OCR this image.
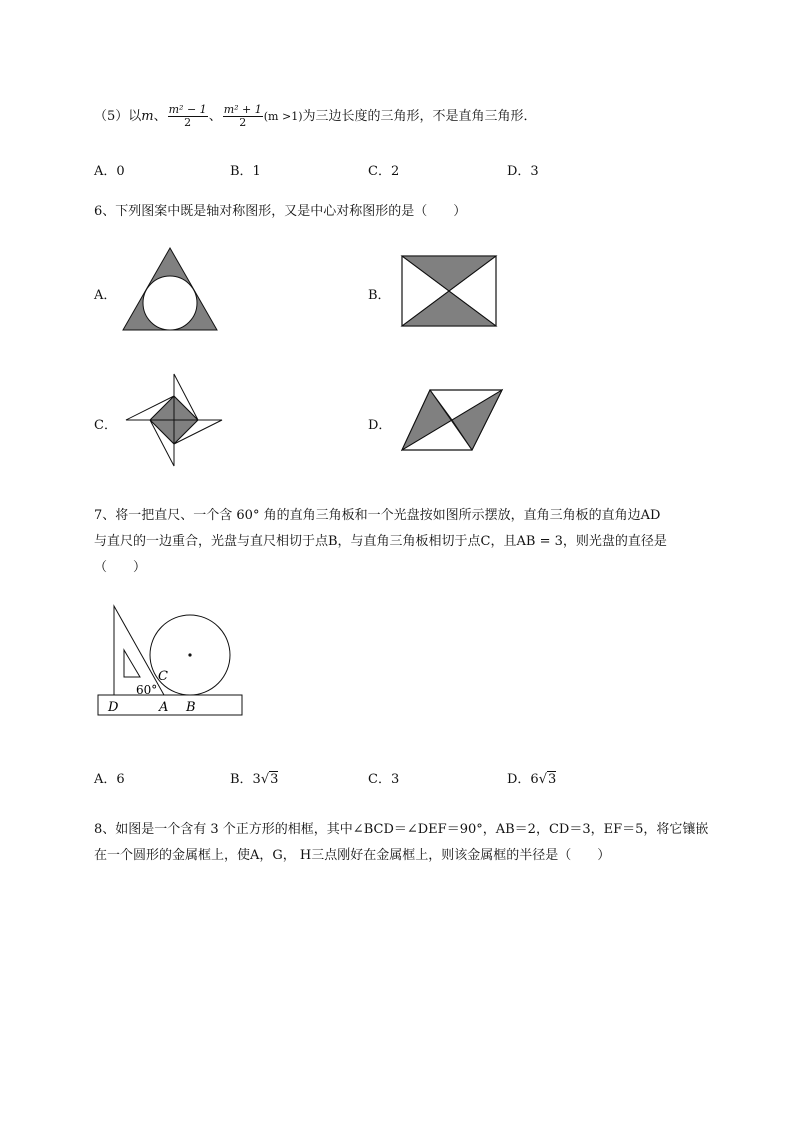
（5）以m、 $\frac{\text{m² − 1}}{2}$ 、 $\frac{\text{m² + 1}}{2} (m >1)$为三边长度的三角形，不是直角三角形．
A．0	B．1	C．2	D．3
6、下列图案中既是轴对称图形，又是中心对称图形的是（　　）
A．	B．
C．	D．
7、将一把直尺、一个含 60° 角的直角三角板和一个光盘按如图所示摆放，直角三角板的直角边AD
与直尺的一边重合，光盘与直尺相切于点B，与直角三角板相切于点C，且AB = 3，则光盘的直径是
（　　）
60°
C
D	A B
A．6	B．3√3	C．3	D．6√3
8、如图是一个含有 3 个正方形的相框，其中∠BCD＝∠DEF＝90°，AB＝2，CD＝3，EF＝5，将它镶嵌
在一个圆形的金属框上，使A，G， H三点刚好在金属框上，则该金属框的半径是（　　）
